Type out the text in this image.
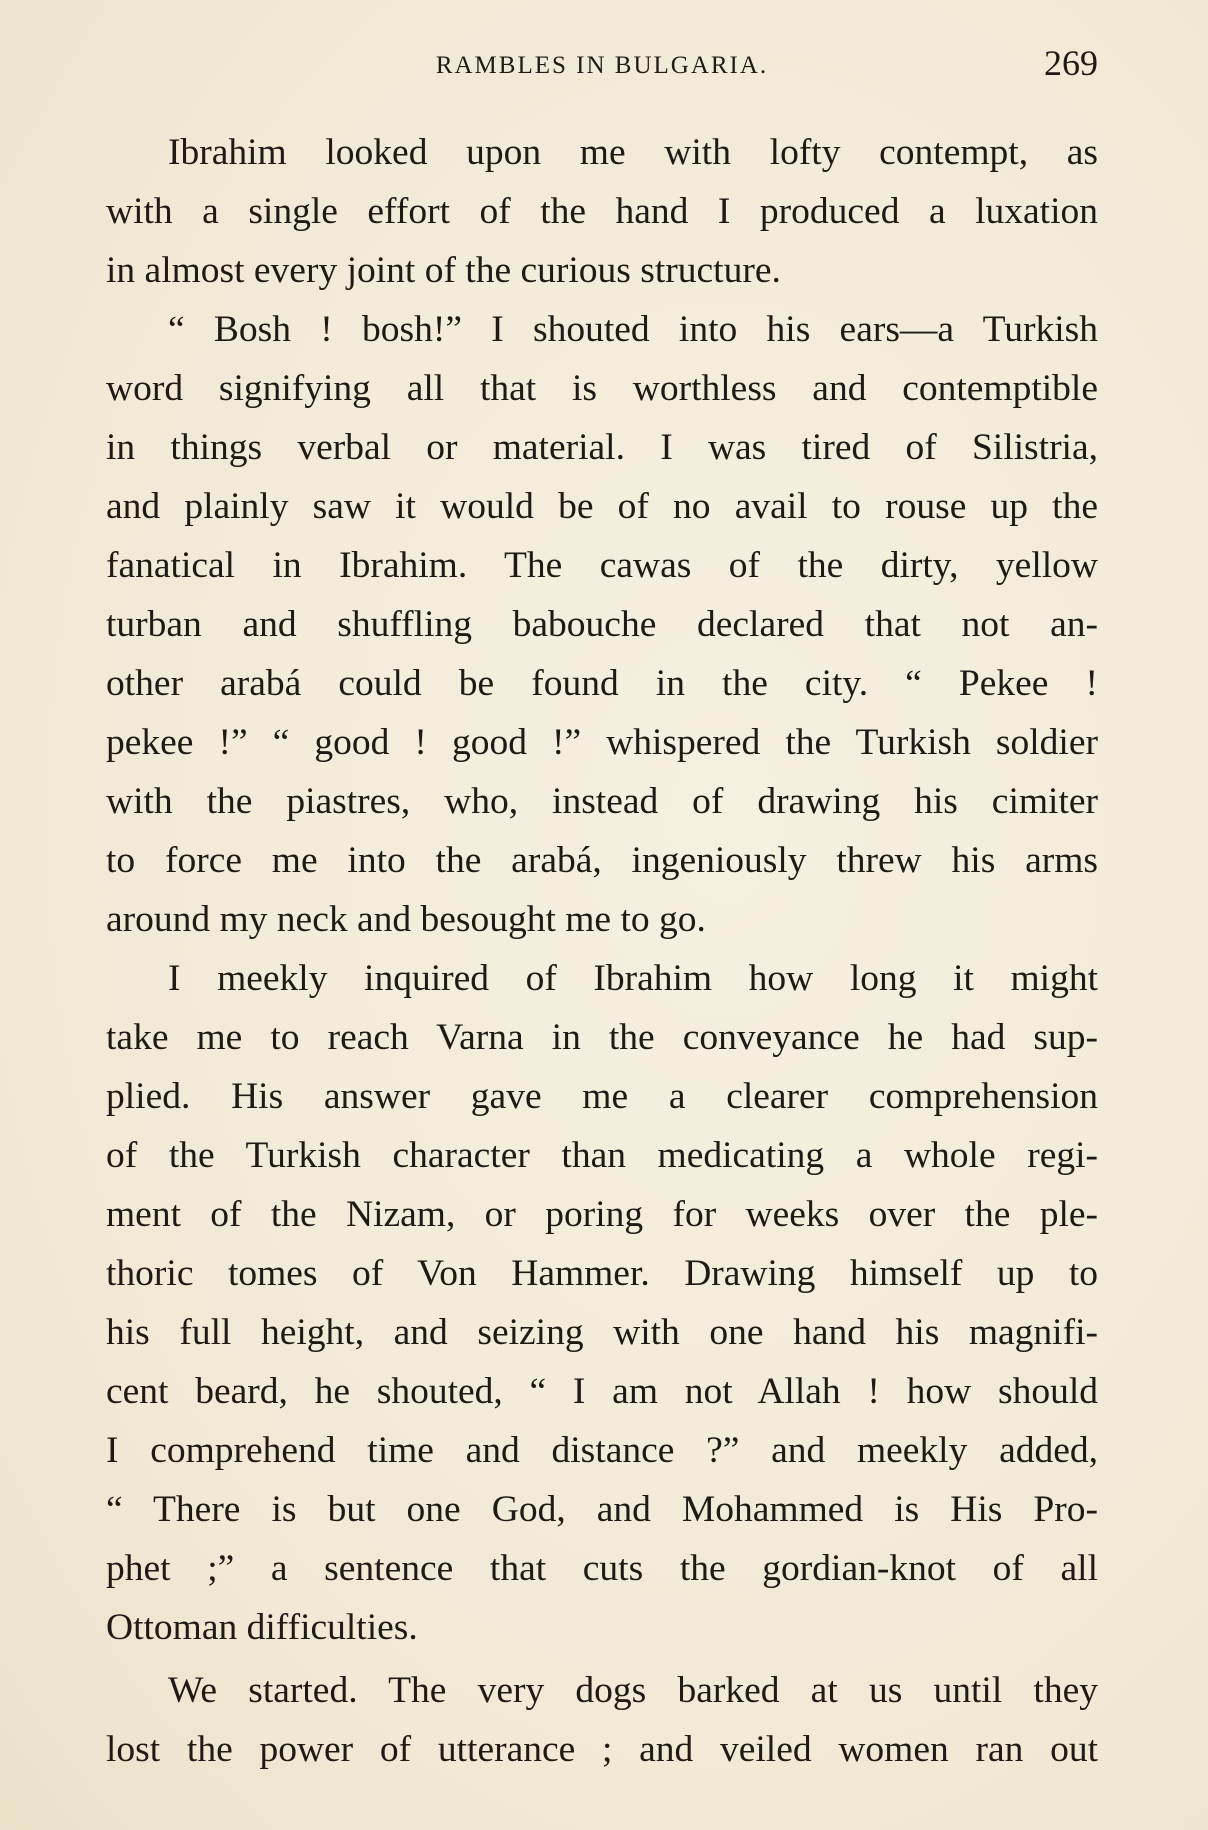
RAMBLES IN BULGARIA.	269
Ibrahim looked upon me with lofty contempt, as
with a single effort of the hand I produced a luxation
in almost every joint of the curious structure.
“ Bosh ! bosh!” I shouted into his ears—a Turkish
word signifying all that is worthless and contemptible
in things verbal or material. I was tired of Silistria,
and plainly saw it would be of no avail to rouse up the
fanatical in Ibrahim. The cawas of the dirty, yellow
turban and shuffling babouche declared that not an-
other arabá could be found in the city. “ Pekee !
pekee !” “ good ! good !” whispered the Turkish soldier
with the piastres, who, instead of drawing his cimiter
to force me into the arabá, ingeniously threw his arms
around my neck and besought me to go.
I meekly inquired of Ibrahim how long it might
take me to reach Varna in the conveyance he had sup-
plied. His answer gave me a clearer comprehension
of the Turkish character than medicating a whole regi-
ment of the Nizam, or poring for weeks over the ple-
thoric tomes of Von Hammer. Drawing himself up to
his full height, and seizing with one hand his magnifi-
cent beard, he shouted, “ I am not Allah ! how should
I comprehend time and distance ?” and meekly added,
“ There is but one God, and Mohammed is His Pro-
phet ;” a sentence that cuts the gordian-knot of all
Ottoman difficulties.
We started. The very dogs barked at us until they
lost the power of utterance ; and veiled women ran out
